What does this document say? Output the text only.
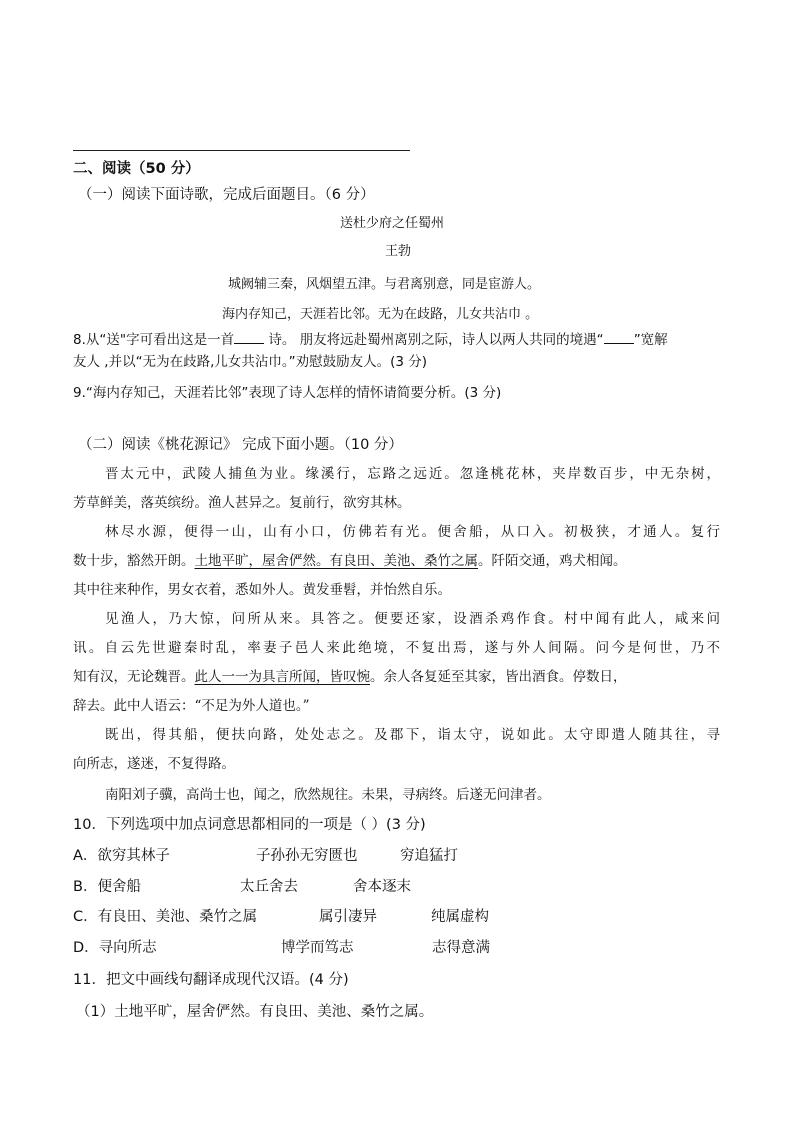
二、阅读（50 分）
（一）阅读下面诗歌，完成后面题目。（6 分）
送杜少府之任蜀州
王勃
城阙辅三秦，风烟望五津。与君离别意，同是宦游人。
海内存知己，天涯若比邻。无为在歧路，儿女共沾巾 。
8.从“送"字可看出这是一首	诗。 朋友将远赴蜀州离别之际，诗人以两人共同的境遇“ ”宽解
友人 ,并以“无为在歧路,儿女共沾巾。”劝慰鼓励友人。(3 分)
9.“海内存知己，天涯若比邻”表现了诗人怎样的情怀请简要分析。(3 分)
（二）阅读《桃花源记》 完成下面小题。（10 分）
晋太元中，武陵人捕鱼为业。缘溪行，忘路之远近。忽逢桃花林，夹岸数百步，中无杂树，
芳草鲜美，落英缤纷。渔人甚异之。复前行，欲穷其林。
林尽水源，便得一山，山有小口，仿佛若有光。便舍船，从口入。初极狭，才通人。复行
数十步，豁然开朗。土地平旷，屋舍俨然。有良田、美池、桑竹之属。阡陌交通，鸡犬相闻。
其中往来种作，男女衣着，悉如外人。黄发垂髫，并怡然自乐。
见渔人，乃大惊，问所从来。具答之。便要还家，设酒杀鸡作食。村中闻有此人，咸来问
讯。自云先世避秦时乱，率妻子邑人来此绝境，不复出焉，遂与外人间隔。问今是何世，乃不
知有汉，无论魏晋。此人一一为具言所闻，皆叹惋。余人各复延至其家，皆出酒食。停数日，
辞去。此中人语云：“不足为外人道也。”
既出，得其船，便扶向路，处处志之。及郡下，诣太守，说如此。太守即遣人随其往，寻
向所志，遂迷，不复得路。
南阳刘子骥，高尚士也，闻之，欣然规往。未果，寻病终。后遂无问津者。
10．下列选项中加点词意思都相同的一项是（ ）(3 分)
A．欲穷其林子	子孙孙无穷匮也	穷追猛打
B．便舍船	太丘舍去	舍本逐末
C．有良田、美池、桑竹之属	属引凄异	纯属虚构
D．寻向所志	博学而笃志	志得意满
11．把文中画线句翻译成现代汉语。(4 分)
（1）土地平旷，屋舍俨然。有良田、美池、桑竹之属。
